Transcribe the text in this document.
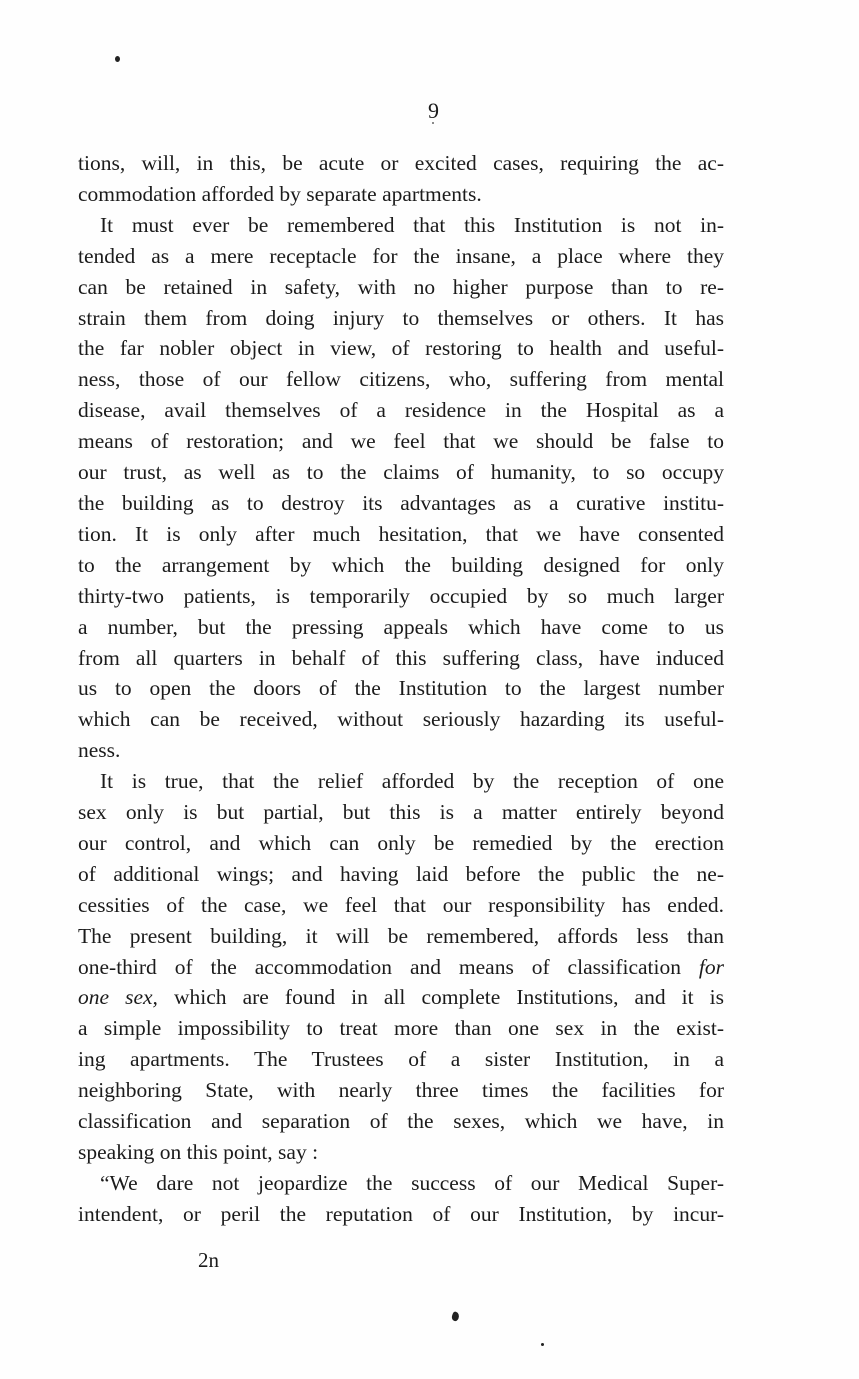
9

tions, will, in this, be acute or excited cases, requiring the ac-
commodation afforded by separate apartments.

It must ever be remembered that this Institution is not in-
tended as a mere receptacle for the insane, a place where they
can be retained in safety, with no higher purpose than to re-
strain them from doing injury to themselves or others. It has
the far nobler object in view, of restoring to health and useful-
ness, those of our fellow citizens, who, suffering from mental
disease, avail themselves of a residence in the Hospital as a
means of restoration; and we feel that we should be false to
our trust, as well as to the claims of humanity, to so occupy
the building as to destroy its advantages as a curative institu-
tion. It is only after much hesitation, that we have consented
to the arrangement by which the building designed for only
thirty-two patients, is temporarily occupied by so much larger
a number, but the pressing appeals which have come to us
from all quarters in behalf of this suffering class, have induced
us to open the doors of the Institution to the largest number
which can be received, without seriously hazarding its useful-
ness.

It is true, that the relief afforded by the reception of one
sex only is but partial, but this is a matter entirely beyond
our control, and which can only be remedied by the erection
of additional wings; and having laid before the public the ne-
cessities of the case, we feel that our responsibility has ended.
The present building, it will be remembered, affords less than
one-third of the accommodation and means of classification for
one sex, which are found in all complete Institutions, and it is
a simple impossibility to treat more than one sex in the exist-
ing apartments. The Trustees of a sister Institution, in a
neighboring State, with nearly three times the facilities for
classification and separation of the sexes, which we have, in
speaking on this point, say :

“We dare not jeopardize the success of our Medical Super-
intendent, or peril the reputation of our Institution, by incur-

2n
